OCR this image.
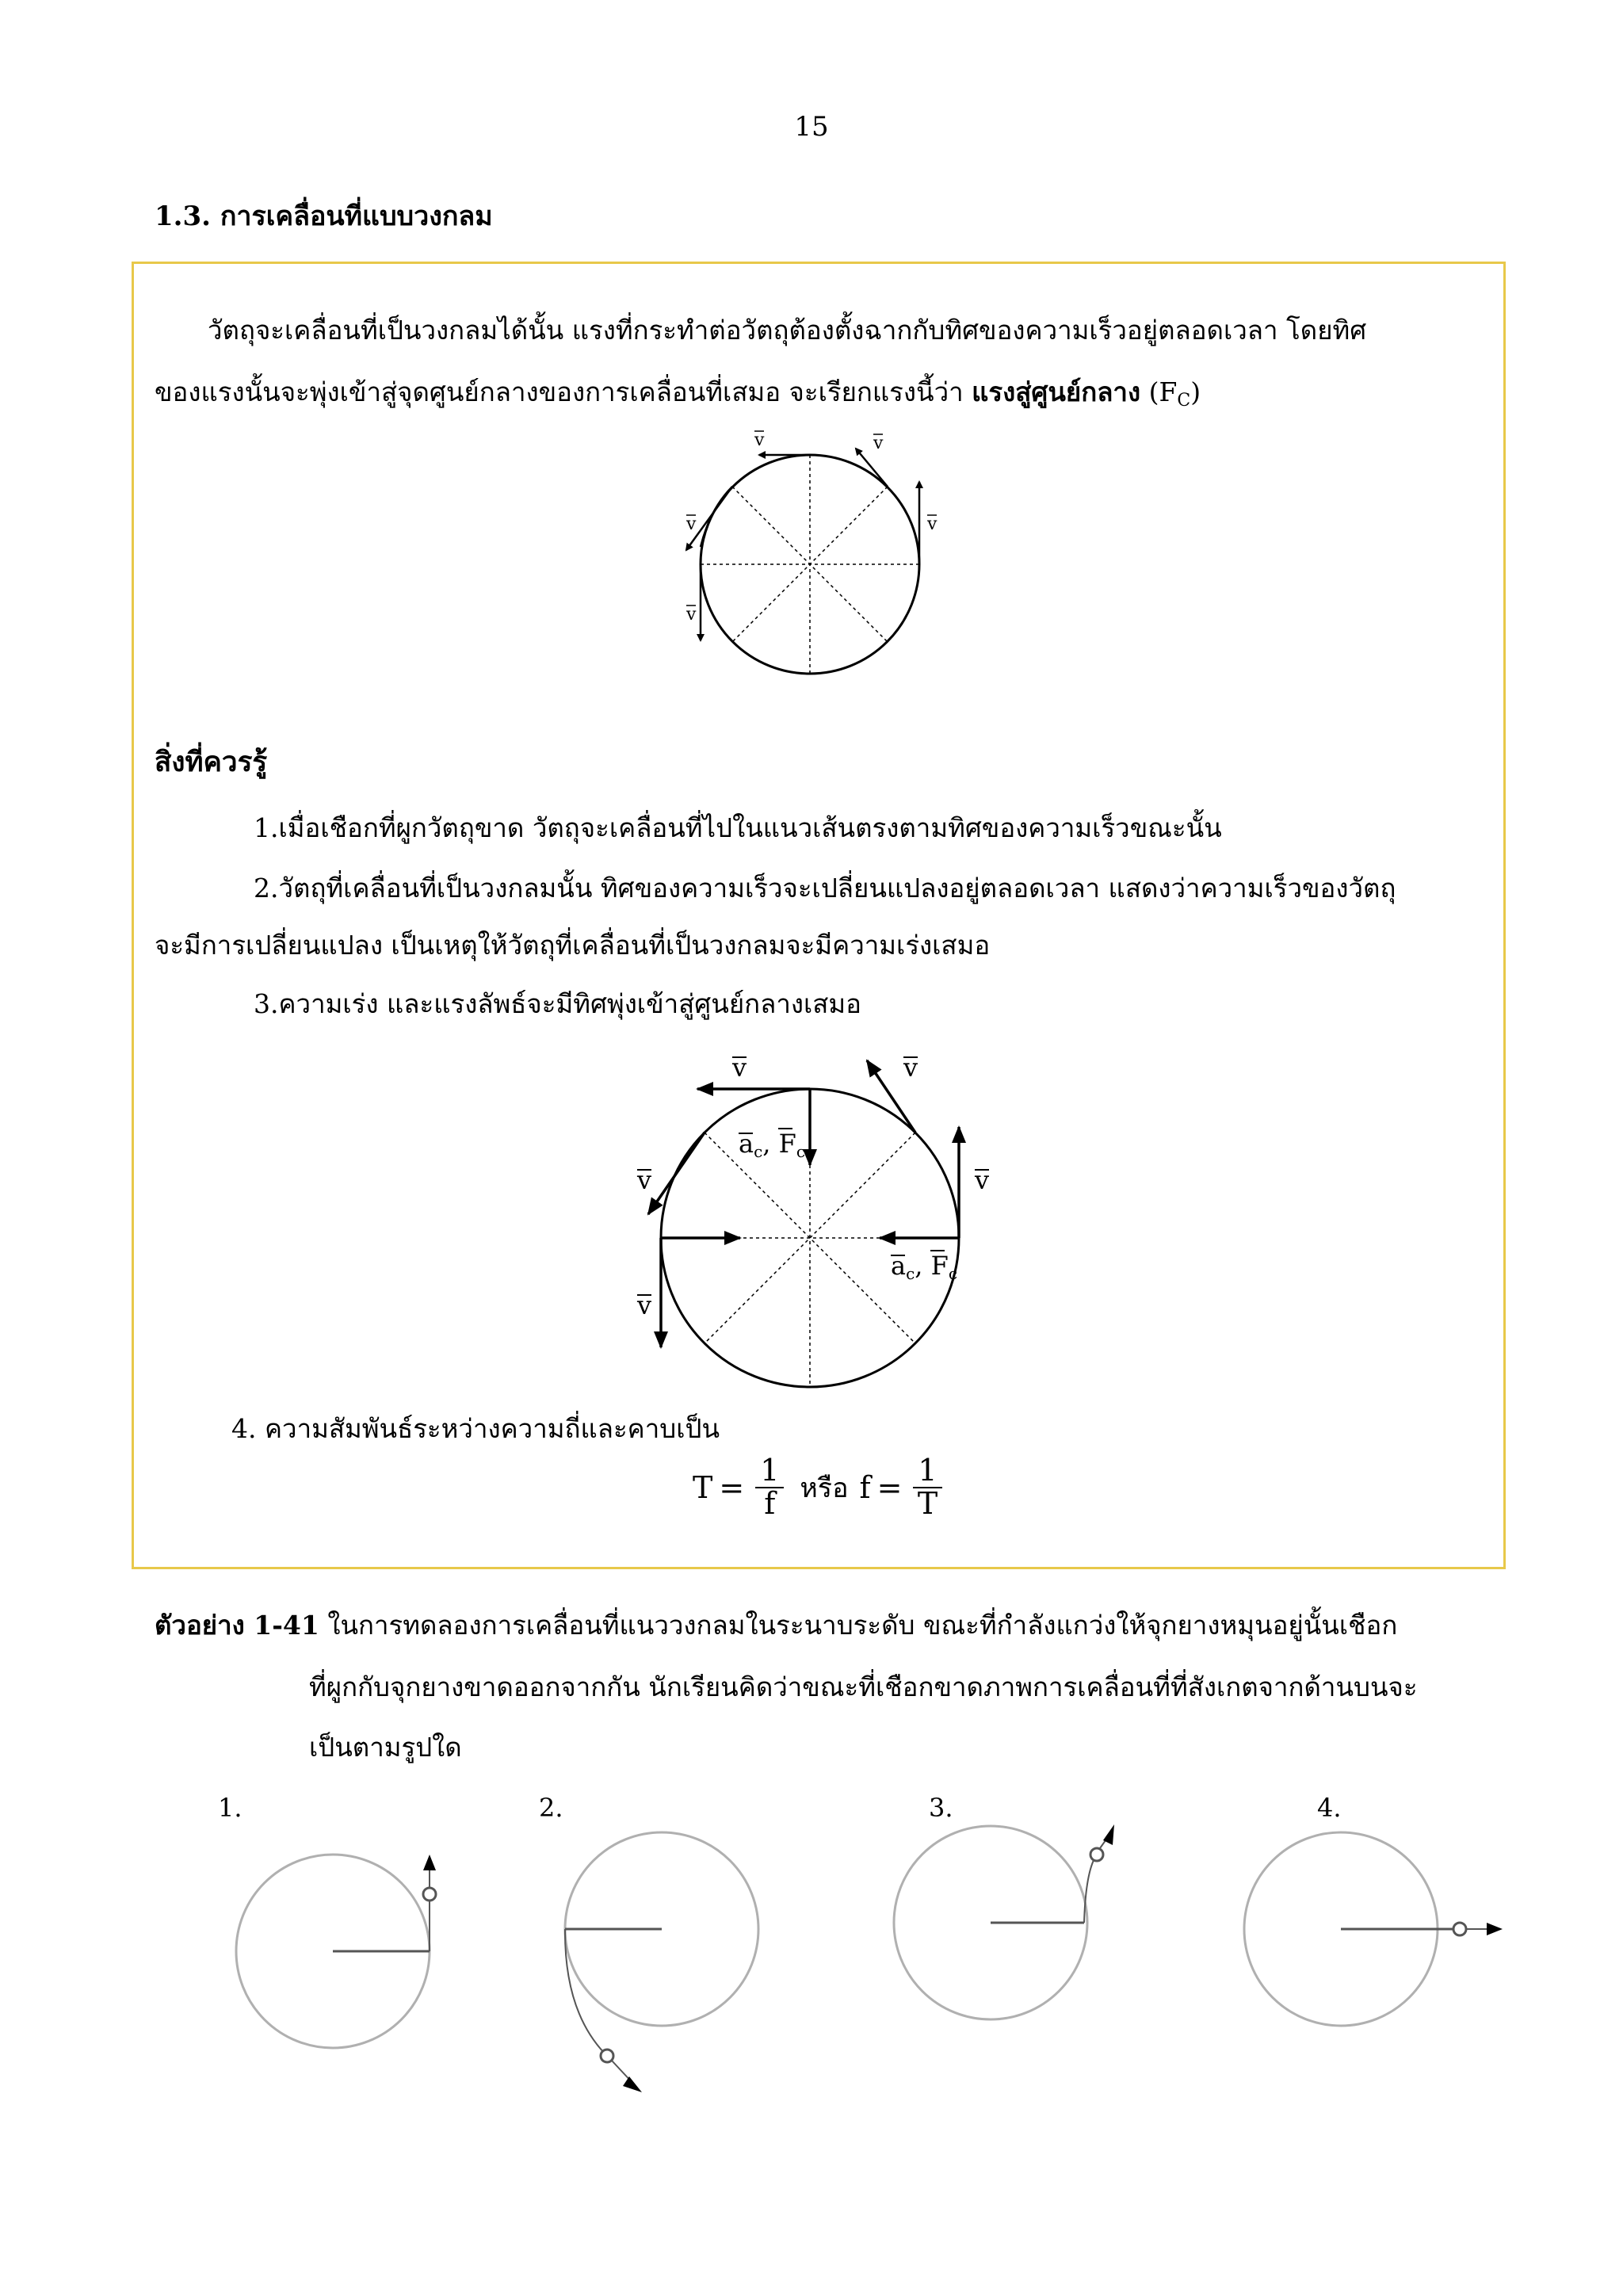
15
1.3. การเคลื่อนที่แบบวงกลม
วัตถุจะเคลื่อนที่เป็นวงกลมได้นั้น แรงที่กระทำต่อวัตถุต้องตั้งฉากกับทิศของความเร็วอยู่ตลอดเวลา โดยทิศ
ของแรงนั้นจะพุ่งเข้าสู่จุดศูนย์กลางของการเคลื่อนที่เสมอ จะเรียกแรงนี้ว่า แรงสู่ศูนย์กลาง $(F_C)$
v	v
v
v
v
v	v
v
v
v
ac, Fc
ac, Fc
สิ่งที่ควรรู้
1.เมื่อเชือกที่ผูกวัตถุขาด วัตถุจะเคลื่อนที่ไปในแนวเส้นตรงตามทิศของความเร็วขณะนั้น
2.วัตถุที่เคลื่อนที่เป็นวงกลมนั้น ทิศของความเร็วจะเปลี่ยนแปลงอยู่ตลอดเวลา แสดงว่าความเร็วของวัตถุ
จะมีการเปลี่ยนแปลง เป็นเหตุให้วัตถุที่เคลื่อนที่เป็นวงกลมจะมีความเร่งเสมอ
3.ความเร่ง และแรงลัพธ์จะมีทิศพุ่งเข้าสู่ศูนย์กลางเสมอ
4. ความสัมพันธ์ระหว่างความถี่และคาบเป็น
$T = \frac{1}{f}$ หรือ $f = \frac{1}{T}$
ตัวอย่าง 1-41 ในการทดลองการเคลื่อนที่แนววงกลมในระนาบระดับ ขณะที่กำลังแกว่งให้จุกยางหมุนอยู่นั้นเชือก
ที่ผูกกับจุกยางขาดออกจากกัน นักเรียนคิดว่าขณะที่เชือกขาดภาพการเคลื่อนที่ที่สังเกตจากด้านบนจะ
เป็นตามรูปใด
1.	2.	3.	4.
